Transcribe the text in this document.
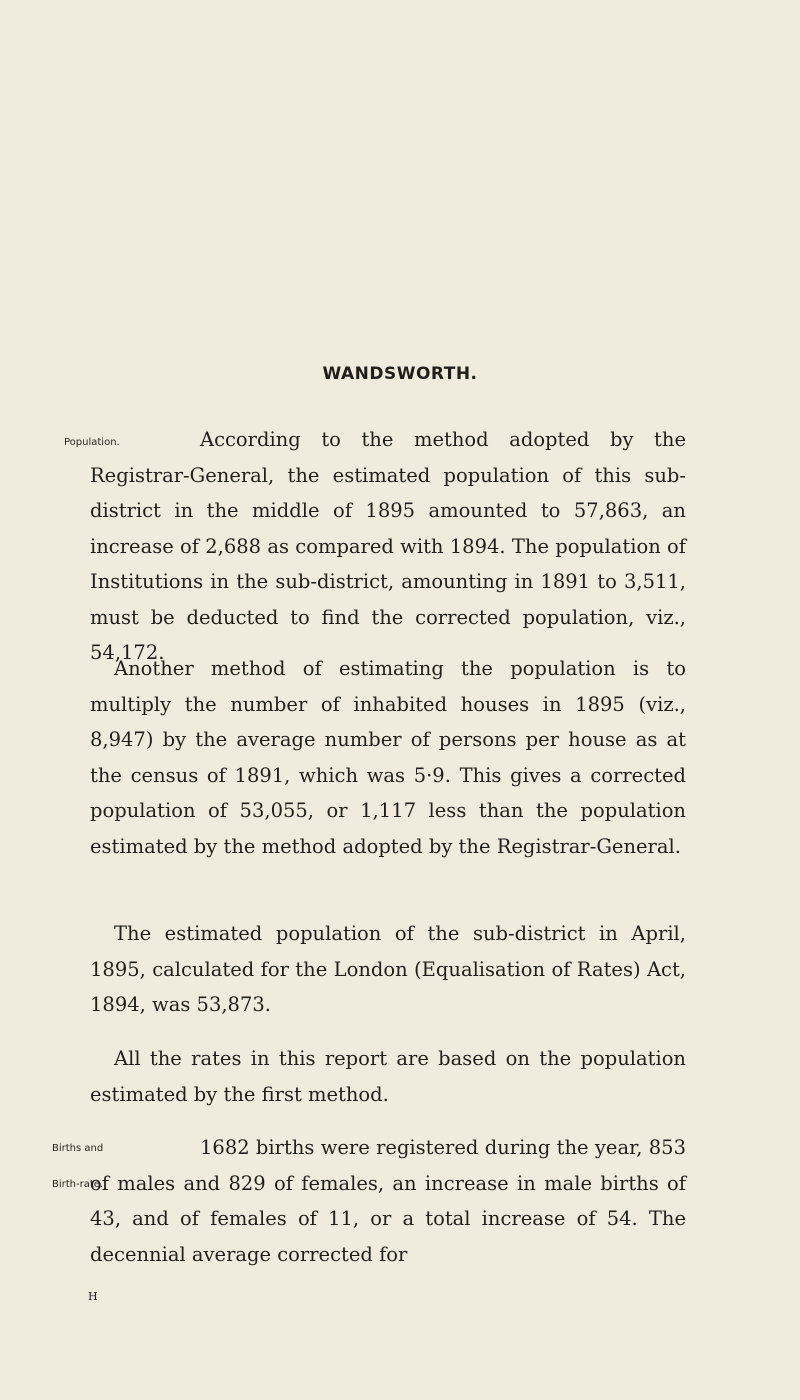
WANDSWORTH.
Population.	According to the method adopted by the Registrar-General, the estimated population of this sub-district in the middle of 1895 amounted to 57,863, an increase of 2,688 as compared with 1894. The population of Institutions in the sub-district, amounting in 1891 to 3,511, must be deducted to find the corrected population, viz., 54,172.

Another method of estimating the population is to multiply the number of inhabited houses in 1895 (viz., 8,947) by the average number of persons per house as at the census of 1891, which was 5·9. This gives a corrected population of 53,055, or 1,117 less than the population estimated by the method adopted by the Registrar-General.

The estimated population of the sub-district in April, 1895, calculated for the London (Equalisation of Rates) Act, 1894, was 53,873.

All the rates in this report are based on the population estimated by the first method.

Births and
Birth-rate.

1682 births were registered during the year, 853 of males and 829 of females, an increase in male births of 43, and of females of 11, or a total increase of 54. The decennial average corrected for

H
